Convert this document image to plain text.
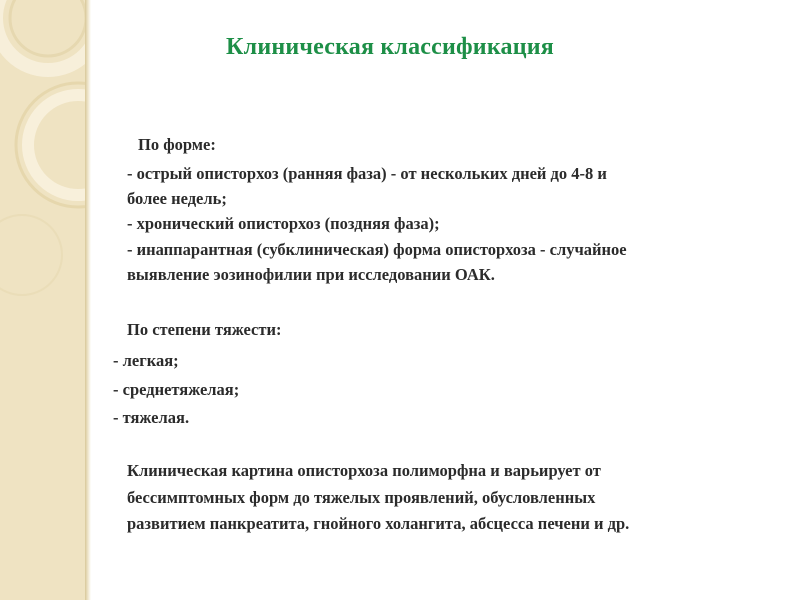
Клиническая классификация
По форме:
- острый описторхоз (ранняя фаза) - от нескольких дней до 4-8 и
более недель;
- хронический описторхоз (поздняя фаза);
- инаппарантная (субклиническая) форма описторхоза - случайное
выявление эозинофилии при исследовании ОАК.
По степени тяжести:
- легкая;
- среднетяжелая;
- тяжелая.
Клиническая картина описторхоза полиморфна и варьирует от
бессимптомных форм до тяжелых проявлений, обусловленных
развитием панкреатита, гнойного холангита, абсцесса печени и др.
